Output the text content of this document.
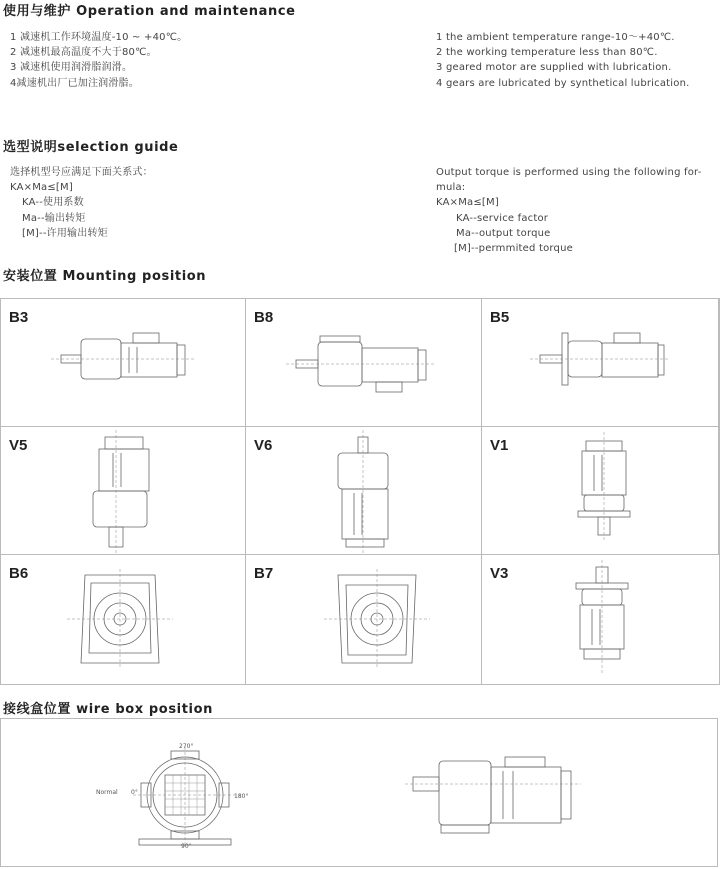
使用与维护 Operation and maintenance
1 减速机工作环境温度-10 ~ +40℃。
2 减速机最高温度不大于80℃。
3 减速机使用润滑脂润滑。
4减速机出厂已加注润滑脂。
1 the ambient temperature range-10～+40℃.
2 the working temperature less than 80℃.
3 geared motor are supplied with lubrication.
4 gears are lubricated by synthetical lubrication.
选型说明selection guide
选择机型号应满足下面关系式：
KA×Ma≤[M]
KA--使用系数
Ma--输出转矩
[M]--许用输出转矩
Output torque is performed using the following for-mula:
KA×Ma≤[M]
KA--service factor
Ma--output torque
[M]--permmited torque
安装位置 Mounting position
B3	B8	B5
V5	V6	V1
B6	B7	V3
接线盒位置 wire box position
270°
Normal 0°
180°
90°
